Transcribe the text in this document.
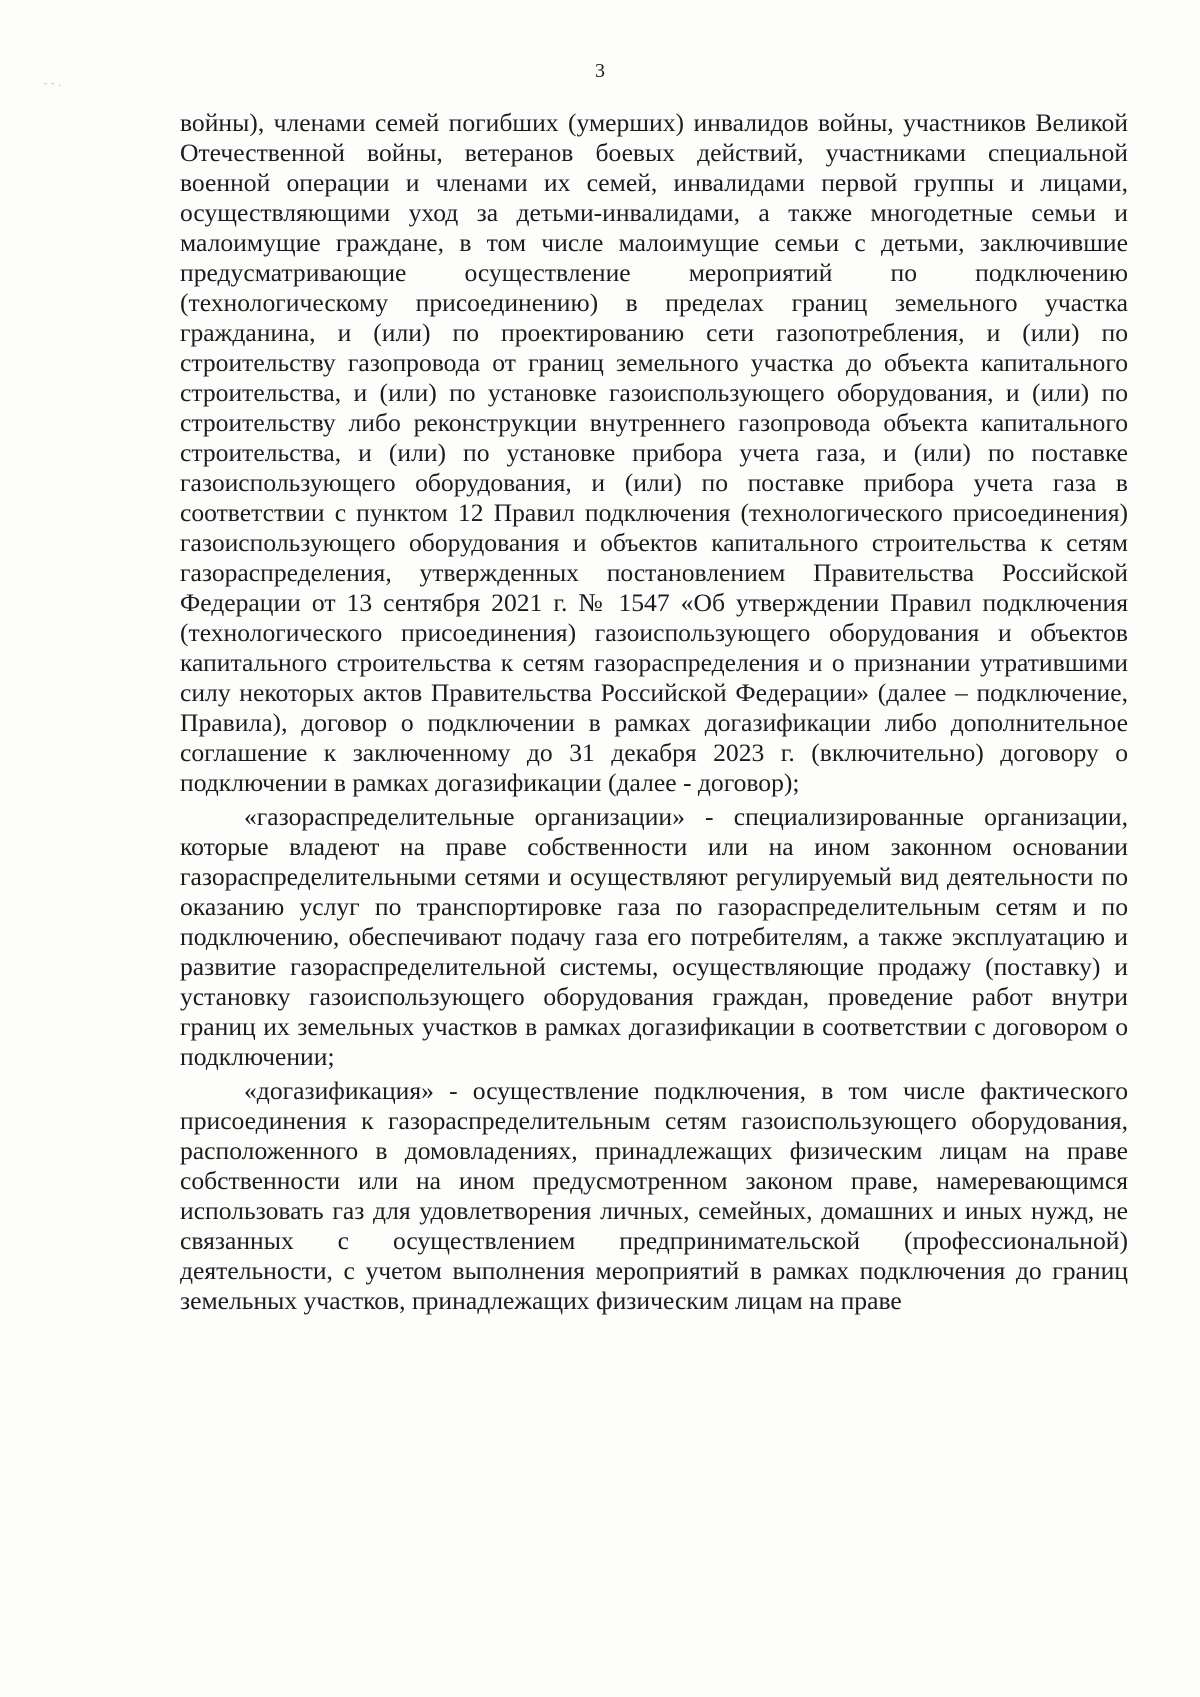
- - .
3

войны), членами семей погибших (умерших) инвалидов войны, участников Великой Отечественной войны, ветеранов боевых действий, участниками специальной военной операции и членами их семей, инвалидами первой группы и лицами, осуществляющими уход за детьми-инвалидами, а также многодетные семьи и малоимущие граждане, в том числе малоимущие семьи с детьми, заключившие предусматривающие осуществление мероприятий по подключению (технологическому присоединению) в пределах границ земельного участка гражданина, и (или) по проектированию сети газопотребления, и (или) по строительству газопровода от границ земельного участка до объекта капитального строительства, и (или) по установке газоиспользующего оборудования, и (или) по строительству либо реконструкции внутреннего газопровода объекта капитального строительства, и (или) по установке прибора учета газа, и (или) по поставке газоиспользующего оборудования, и (или) по поставке прибора учета газа в соответствии с пунктом 12 Правил подключения (технологического присоединения) газоиспользующего оборудования и объектов капитального строительства к сетям газораспределения, утвержденных постановлением Правительства Российской Федерации от 13 сентября 2021 г. № 1547 «Об утверждении Правил подключения (технологического присоединения) газоиспользующего оборудования и объектов капитального строительства к сетям газораспределения и о признании утратившими силу некоторых актов Правительства Российской Федерации» (далее – подключение, Правила), договор о подключении в рамках догазификации либо дополнительное соглашение к заключенному до 31 декабря 2023 г. (включительно) договору о подключении в рамках догазификации (далее - договор);

«газораспределительные организации» - специализированные организации, которые владеют на праве собственности или на ином законном основании газораспределительными сетями и осуществляют регулируемый вид деятельности по оказанию услуг по транспортировке газа по газораспределительным сетям и по подключению, обеспечивают подачу газа его потребителям, а также эксплуатацию и развитие газораспределительной системы, осуществляющие продажу (поставку) и установку газоиспользующего оборудования граждан, проведение работ внутри границ их земельных участков в рамках догазификации в соответствии с договором о подключении;

«догазификация» - осуществление подключения, в том числе фактического присоединения к газораспределительным сетям газоиспользующего оборудования, расположенного в домовладениях, принадлежащих физическим лицам на праве собственности или на ином предусмотренном законом праве, намеревающимся использовать газ для удовлетворения личных, семейных, домашних и иных нужд, не связанных с осуществлением предпринимательской (профессиональной) деятельности, с учетом выполнения мероприятий в рамках подключения до границ земельных участков, принадлежащих физическим лицам на праве
